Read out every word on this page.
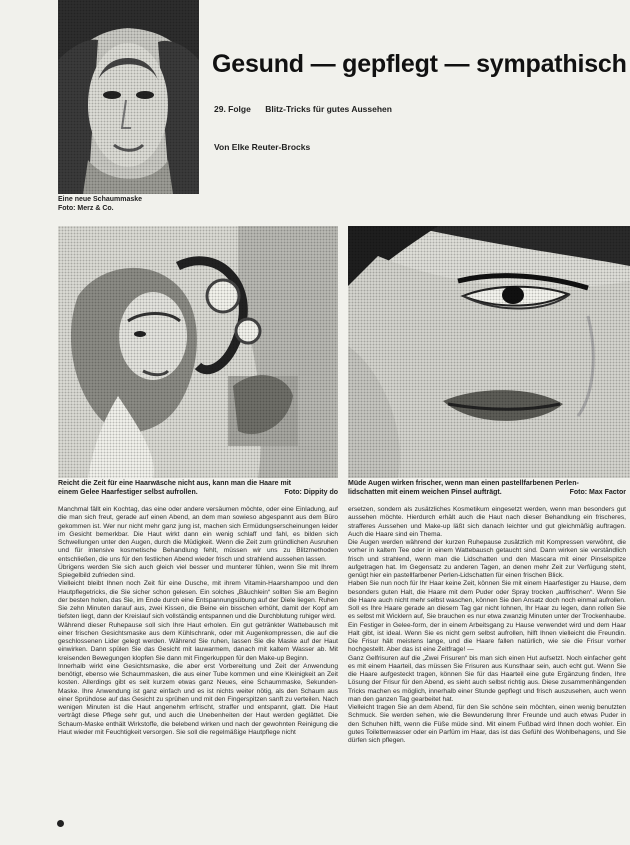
Eine neue Schaummaske
Foto: Merz & Co.
Gesund — gepflegt — sympathisch
29. Folge Blitz-Tricks für gutes Aussehen
Von Elke Reuter-Brocks
Reicht die Zeit für eine Haarwäsche nicht aus, kann man die Haare mit
einem Gelee Haarfestiger selbst aufrollen.	Foto: Dippity do
Müde Augen wirken frischer, wenn man einen pastellfarbenen Perlen-
lidschatten mit einem weichen Pinsel aufträgt.	Foto: Max Factor

Manchmal fällt ein Kochtag, das eine oder andere versäumen möchte, oder eine Einladung, auf die man sich freut, gerade auf einen Abend, an dem man sowieso abgespannt aus dem Büro gekommen ist. Wer nur nicht mehr ganz jung ist, machen sich Ermüdungserscheinungen leider im Gesicht bemerkbar. Die Haut wirkt dann ein wenig schlaff und fahl, es bilden sich Schwellungen unter den Augen, durch die Müdigkeit. Wenn die Zeit zum gründlichen Ausruhen und für intensive kosmetische Behandlung fehlt, müssen wir uns zu Blitzmethoden entschließen, die uns für den festlichen Abend wieder frisch und strahlend aussehen lassen.

Übrigens werden Sie sich auch gleich viel besser und munterer fühlen, wenn Sie mit Ihrem Spiegelbild zufrieden sind.

Vielleicht bleibt Ihnen noch Zeit für eine Dusche, mit ihrem Vitamin-Haarshampoo und den Hautpflegetricks, die Sie sicher schon gelesen. Ein solches „Bäuchlein“ sollten Sie am Beginn der besten holen, das Sie, im Ende durch eine Entspannungsübung auf der Diele liegen. Ruhen Sie zehn Minuten darauf aus, zwei Kissen, die Beine ein bisschen erhöht, damit der Kopf am tiefsten liegt, dann der Kreislauf sich vollständig entspannen und die Durchblutung ruhiger wird.

Während dieser Ruhepause soll sich Ihre Haut erholen. Ein gut getränkter Wattebausch mit einer frischen Gesichtsmaske aus dem Kühlschrank, oder mit Augenkompressen, die auf die geschlossenen Lider gelegt werden. Während Sie ruhen, lassen Sie die Maske auf der Haut einwirken. Dann spülen Sie das Gesicht mit lauwarmem, danach mit kaltem Wasser ab. Mit kreisenden Bewegungen klopfen Sie dann mit Fingerkuppen für den Make-up Beginn.

Innerhalb wirkt eine Gesichtsmaske, die aber erst Vorbereitung und Zeit der Anwendung benötigt, ebenso wie Schaummasken, die aus einer Tube kommen und eine Kleinigkeit an Zeit kosten. Allerdings gibt es seit kurzem etwas ganz Neues, eine Schaummaske, Sekunden-Maske. Ihre Anwendung ist ganz einfach und es ist nichts weiter nötig, als den Schaum aus einer Sprühdose auf das Gesicht zu sprühen und mit den Fingerspitzen sanft zu verteilen. Nach wenigen Minuten ist die Haut angenehm erfrischt, straffer und entspannt, glatt. Die Haut verträgt diese Pflege sehr gut, und auch die Unebenheiten der Haut werden geglättet. Die Schaum-Maske enthält Wirkstoffe, die belebend wirken und nach der gewohnten Reinigung die Haut wieder mit Feuchtigkeit versorgen. Sie soll die regelmäßige Hautpflege nicht

ersetzen, sondern als zusätzliches Kosmetikum eingesetzt werden, wenn man besonders gut aussehen möchte. Hierdurch erhält auch die Haut nach dieser Behandlung ein frischeres, strafferes Aussehen und Make-up läßt sich danach leichter und gut gleichmäßig auftragen. Auch die Haare sind ein Thema.

Die Augen werden während der kurzen Ruhepause zusätzlich mit Kompressen verwöhnt, die vorher in kaltem Tee oder in einem Wattebausch getaucht sind. Dann wirken sie verständlich frisch und strahlend, wenn man die Lidschatten und den Mascara mit einer Pinselspitze aufgetragen hat. Im Gegensatz zu anderen Tagen, an denen mehr Zeit zur Verfügung steht, genügt hier ein pastellfarbener Perlen-Lidschatten für einen frischen Blick.

Haben Sie nun noch für Ihr Haar keine Zeit, können Sie mit einem Haarfestiger zu Hause, dem besonders guten Halt, die Haare mit dem Puder oder Spray trocken „auffrischen“. Wenn Sie die Haare auch nicht mehr selbst waschen, können Sie den Ansatz doch noch einmal aufrollen.

Soll es Ihre Haare gerade an diesem Tag gar nicht lohnen, Ihr Haar zu legen, dann rollen Sie es selbst mit Wicklern auf, Sie brauchen es nur etwa zwanzig Minuten unter der Trockenhaube. Ein Festiger in Gelee-form, der in einem Arbeitsgang zu Hause verwendet wird und dem Haar Halt gibt, ist ideal. Wenn Sie es nicht gern selbst aufrollen, hilft Ihnen vielleicht die Freundin. Die Frisur hält meistens lange, und die Haare fallen natürlich, wie sie die Frisur vorher hochgestellt. Aber das ist eine Zeitfrage! —

Ganz Gelfrisuren auf die „Zwei Frisuren“ bis man sich einen Hut aufsetzt. Noch einfacher geht es mit einem Haarteil, das müssen Sie Frisuren aus Kunsthaar sein, auch echt gut. Wenn Sie die Haare aufgesteckt tragen, können Sie für das Haarteil eine gute Ergänzung finden, Ihre Lösung der Frisur für den Abend, es sieht auch selbst richtig aus. Diese zusammenhängenden Tricks machen es möglich, innerhalb einer Stunde gepflegt und frisch auszusehen, auch wenn man den ganzen Tag gearbeitet hat.

Vielleicht tragen Sie an dem Abend, für den Sie schöne sein möchten, einen wenig benutzten Schmuck. Sie werden sehen, wie die Bewunderung Ihrer Freunde und auch etwas Puder in den Schuhen hilft, wenn die Füße müde sind. Mit einem Fußbad wird Ihnen doch wohler. Ein gutes Toilettenwasser oder ein Parfüm im Haar, das ist das Gefühl des Wohlbehagens, und Sie dürfen sich pflegen.
